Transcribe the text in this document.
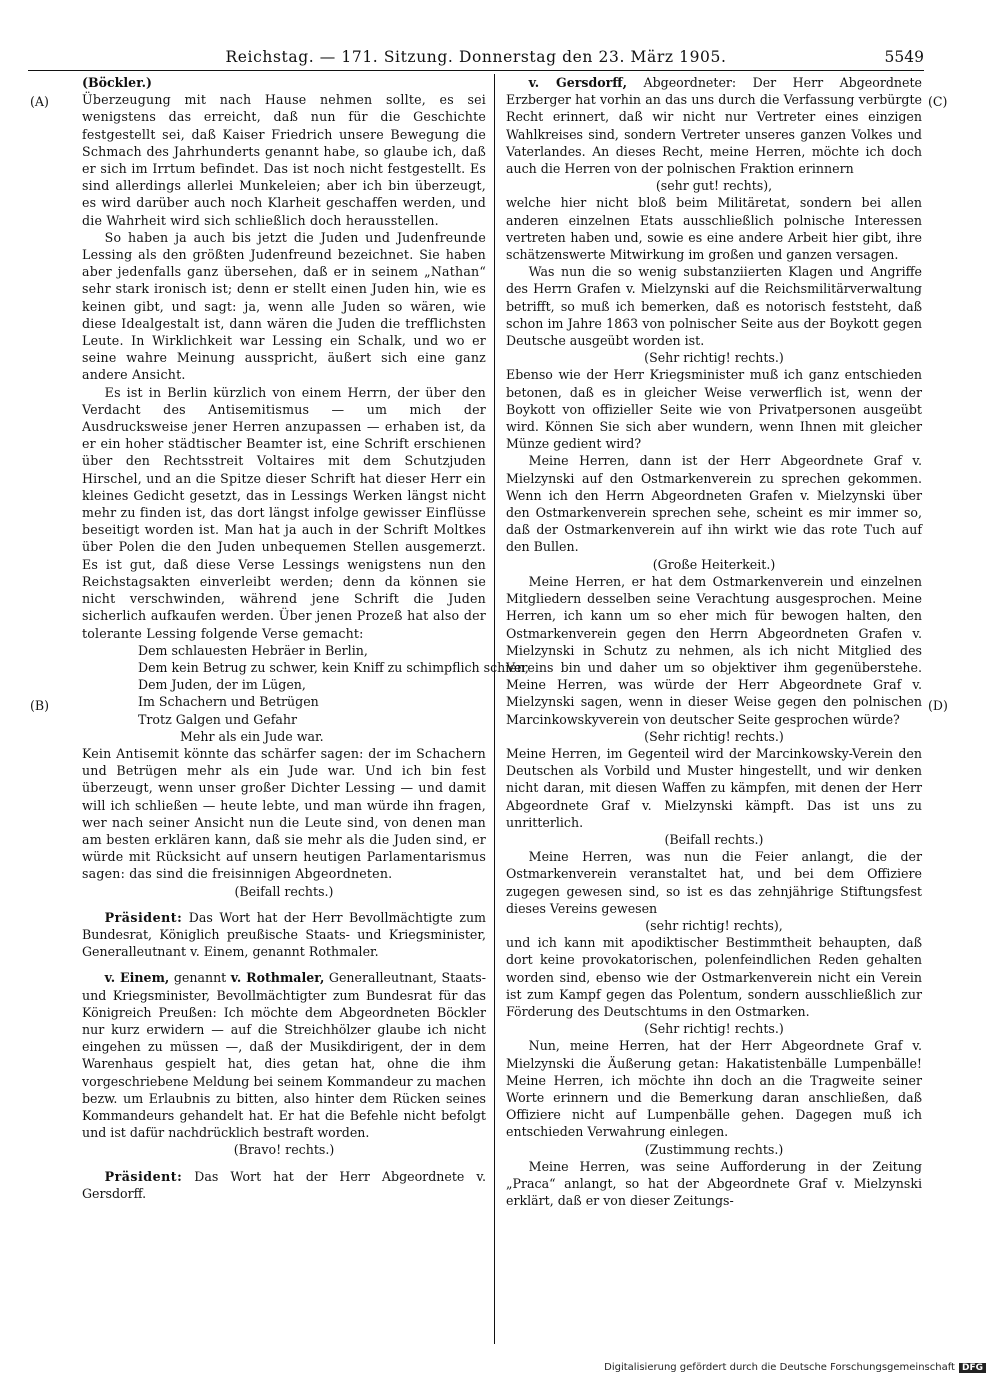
Reichstag. — 171. Sitzung. Donnerstag den 23. März 1905.	5549
(A)
(B)
(C)
(D)

(Böckler.)

Überzeugung mit nach Hause nehmen sollte, es sei wenigstens das erreicht, daß nun für die Geschichte festgestellt sei, daß Kaiser Friedrich unsere Bewegung die Schmach des Jahrhunderts genannt habe, so glaube ich, daß er sich im Irrtum befindet. Das ist noch nicht festgestellt. Es sind allerdings allerlei Munkeleien; aber ich bin überzeugt, es wird darüber auch noch Klarheit geschaffen werden, und die Wahrheit wird sich schließlich doch herausstellen.

So haben ja auch bis jetzt die Juden und Judenfreunde Lessing als den größten Judenfreund bezeichnet. Sie haben aber jedenfalls ganz übersehen, daß er in seinem „Nathan“ sehr stark ironisch ist; denn er stellt einen Juden hin, wie es keinen gibt, und sagt: ja, wenn alle Juden so wären, wie diese Idealgestalt ist, dann wären die Juden die trefflichsten Leute. In Wirklichkeit war Lessing ein Schalk, und wo er seine wahre Meinung ausspricht, äußert sich eine ganz andere Ansicht.

Es ist in Berlin kürzlich von einem Herrn, der über den Verdacht des Antisemitismus — um mich der Ausdrucksweise jener Herren anzupassen — erhaben ist, da er ein hoher städtischer Beamter ist, eine Schrift erschienen über den Rechtsstreit Voltaires mit dem Schutzjuden Hirschel, und an die Spitze dieser Schrift hat dieser Herr ein kleines Gedicht gesetzt, das in Lessings Werken längst nicht mehr zu finden ist, das dort längst infolge gewisser Einflüsse beseitigt worden ist. Man hat ja auch in der Schrift Moltkes über Polen die den Juden unbequemen Stellen ausgemerzt. Es ist gut, daß diese Verse Lessings wenigstens nun den Reichstagsakten einverleibt werden; denn da können sie nicht verschwinden, während jene Schrift die Juden sicherlich aufkaufen werden. Über jenen Prozeß hat also der tolerante Lessing folgende Verse gemacht:

Dem schlauesten Hebräer in Berlin,

Dem kein Betrug zu schwer, kein Kniff zu schimpflich schien,

Dem Juden, der im Lügen,

Im Schachern und Betrügen

Trotz Galgen und Gefahr

Mehr als ein Jude war.

Kein Antisemit könnte das schärfer sagen: der im Schachern und Betrügen mehr als ein Jude war. Und ich bin fest überzeugt, wenn unser großer Dichter Lessing — und damit will ich schließen — heute lebte, und man würde ihn fragen, wer nach seiner Ansicht nun die Leute sind, von denen man am besten erklären kann, daß sie mehr als die Juden sind, er würde mit Rücksicht auf unsern heutigen Parlamentarismus sagen: das sind die freisinnigen Abgeordneten.

(Beifall rechts.)

Präsident: Das Wort hat der Herr Bevollmächtigte zum Bundesrat, Königlich preußische Staats- und Kriegsminister, Generalleutnant v. Einem, genannt Rothmaler.

v. Einem, genannt v. Rothmaler, Generalleutnant, Staats- und Kriegsminister, Bevollmächtigter zum Bundesrat für das Königreich Preußen: Ich möchte dem Abgeordneten Böckler nur kurz erwidern — auf die Streichhölzer glaube ich nicht eingehen zu müssen —, daß der Musikdirigent, der in dem Warenhaus gespielt hat, dies getan hat, ohne die ihm vorgeschriebene Meldung bei seinem Kommandeur zu machen bezw. um Erlaubnis zu bitten, also hinter dem Rücken seines Kommandeurs gehandelt hat. Er hat die Befehle nicht befolgt und ist dafür nachdrücklich bestraft worden.

(Bravo! rechts.)

Präsident: Das Wort hat der Herr Abgeordnete v. Gersdorff.

v. Gersdorff, Abgeordneter: Der Herr Abgeordnete Erzberger hat vorhin an das uns durch die Verfassung verbürgte Recht erinnert, daß wir nicht nur Vertreter eines einzigen Wahlkreises sind, sondern Vertreter unseres ganzen Volkes und Vaterlandes. An dieses Recht, meine Herren, möchte ich doch auch die Herren von der polnischen Fraktion erinnern

(sehr gut! rechts),

welche hier nicht bloß beim Militäretat, sondern bei allen anderen einzelnen Etats ausschließlich polnische Interessen vertreten haben und, sowie es eine andere Arbeit hier gibt, ihre schätzenswerte Mitwirkung im großen und ganzen versagen.

Was nun die so wenig substanziierten Klagen und Angriffe des Herrn Grafen v. Mielzynski auf die Reichsmilitärverwaltung betrifft, so muß ich bemerken, daß es notorisch feststeht, daß schon im Jahre 1863 von polnischer Seite aus der Boykott gegen Deutsche ausgeübt worden ist.

(Sehr richtig! rechts.)

Ebenso wie der Herr Kriegsminister muß ich ganz entschieden betonen, daß es in gleicher Weise verwerflich ist, wenn der Boykott von offizieller Seite wie von Privatpersonen ausgeübt wird. Können Sie sich aber wundern, wenn Ihnen mit gleicher Münze gedient wird?

Meine Herren, dann ist der Herr Abgeordnete Graf v. Mielzynski auf den Ostmarkenverein zu sprechen gekommen. Wenn ich den Herrn Abgeordneten Grafen v. Mielzynski über den Ostmarkenverein sprechen sehe, scheint es mir immer so, daß der Ostmarkenverein auf ihn wirkt wie das rote Tuch auf den Bullen.

(Große Heiterkeit.)

Meine Herren, er hat dem Ostmarkenverein und einzelnen Mitgliedern desselben seine Verachtung ausgesprochen. Meine Herren, ich kann um so eher mich für bewogen halten, den Ostmarkenverein gegen den Herrn Abgeordneten Grafen v. Mielzynski in Schutz zu nehmen, als ich nicht Mitglied des Vereins bin und daher um so objektiver ihm gegenüberstehe. Meine Herren, was würde der Herr Abgeordnete Graf v. Mielzynski sagen, wenn in dieser Weise gegen den polnischen Marcinkowskyverein von deutscher Seite gesprochen würde?

(Sehr richtig! rechts.)

Meine Herren, im Gegenteil wird der Marcinkowsky-Verein den Deutschen als Vorbild und Muster hingestellt, und wir denken nicht daran, mit diesen Waffen zu kämpfen, mit denen der Herr Abgeordnete Graf v. Mielzynski kämpft. Das ist uns zu unritterlich.

(Beifall rechts.)

Meine Herren, was nun die Feier anlangt, die der Ostmarkenverein veranstaltet hat, und bei dem Offiziere zugegen gewesen sind, so ist es das zehnjährige Stiftungsfest dieses Vereins gewesen

(sehr richtig! rechts),

und ich kann mit apodiktischer Bestimmtheit behaupten, daß dort keine provokatorischen, polenfeindlichen Reden gehalten worden sind, ebenso wie der Ostmarkenverein nicht ein Verein ist zum Kampf gegen das Polentum, sondern ausschließlich zur Förderung des Deutschtums in den Ostmarken.

(Sehr richtig! rechts.)

Nun, meine Herren, hat der Herr Abgeordnete Graf v. Mielzynski die Äußerung getan: Hakatistenbälle Lumpenbälle! Meine Herren, ich möchte ihn doch an die Tragweite seiner Worte erinnern und die Bemerkung daran anschließen, daß Offiziere nicht auf Lumpenbälle gehen. Dagegen muß ich entschieden Verwahrung einlegen.

(Zustimmung rechts.)

Meine Herren, was seine Aufforderung in der Zeitung „Praca“ anlangt, so hat der Abgeordnete Graf v. Mielzynski erklärt, daß er von dieser Zeitungs-

Digitalisierung gefördert durch die Deutsche Forschungsgemeinschaft DFG
